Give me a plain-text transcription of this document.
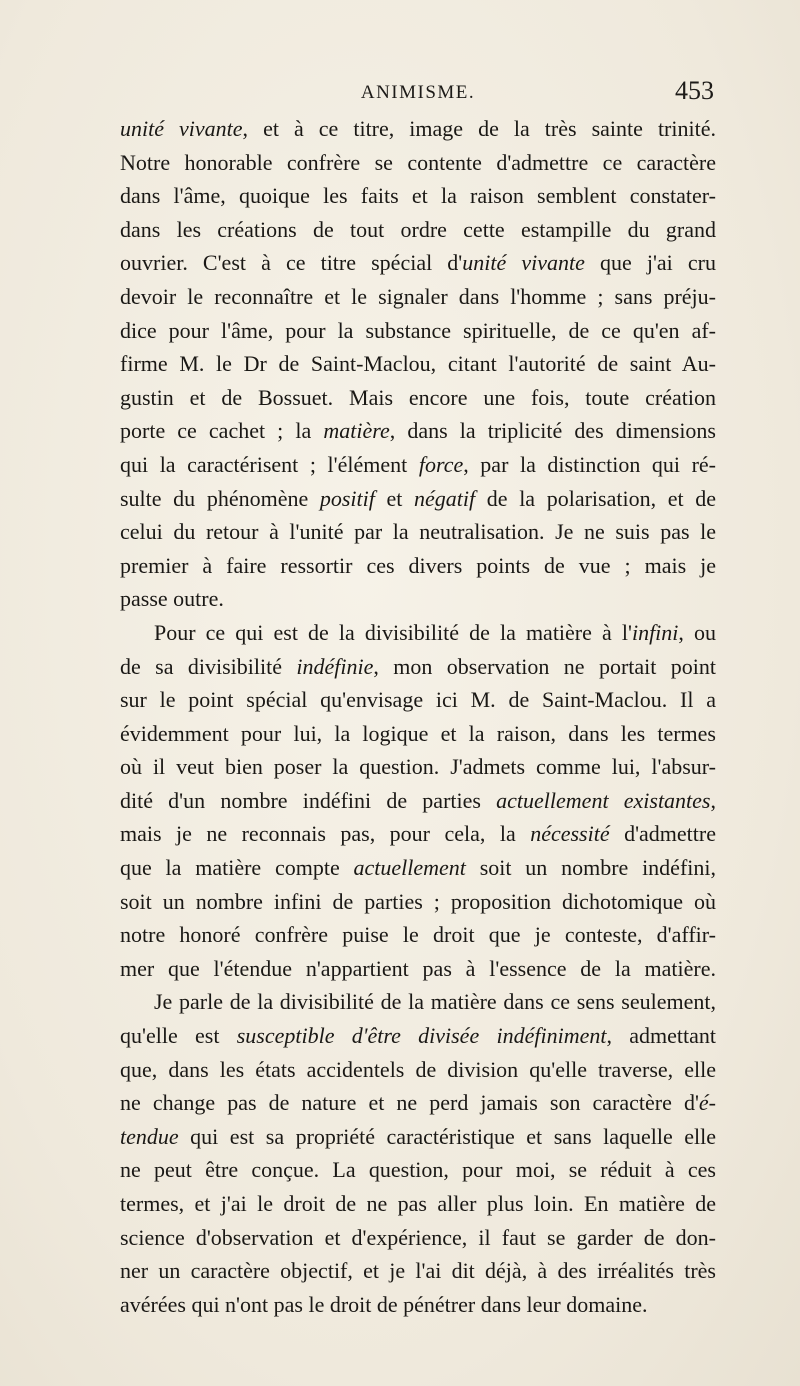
ANIMISME.	453
unité vivante, et à ce titre, image de la très sainte trinité.
Notre honorable confrère se contente d'admettre ce caractère
dans l'âme, quoique les faits et la raison semblent constater-
dans les créations de tout ordre cette estampille du grand
ouvrier. C'est à ce titre spécial d'unité vivante que j'ai cru
devoir le reconnaître et le signaler dans l'homme ; sans préju-
dice pour l'âme, pour la substance spirituelle, de ce qu'en af-
firme M. le Dr de Saint-Maclou, citant l'autorité de saint Au-
gustin et de Bossuet. Mais encore une fois, toute création
porte ce cachet ; la matière, dans la triplicité des dimensions
qui la caractérisent ; l'élément force, par la distinction qui ré-
sulte du phénomène positif et négatif de la polarisation, et de
celui du retour à l'unité par la neutralisation. Je ne suis pas le
premier à faire ressortir ces divers points de vue ; mais je
passe outre.
Pour ce qui est de la divisibilité de la matière à l'infini, ou
de sa divisibilité indéfinie, mon observation ne portait point
sur le point spécial qu'envisage ici M. de Saint-Maclou. Il a
évidemment pour lui, la logique et la raison, dans les termes
où il veut bien poser la question. J'admets comme lui, l'absur-
dité d'un nombre indéfini de parties actuellement existantes,
mais je ne reconnais pas, pour cela, la nécessité d'admettre
que la matière compte actuellement soit un nombre indéfini,
soit un nombre infini de parties ; proposition dichotomique où
notre honoré confrère puise le droit que je conteste, d'affir-
mer que l'étendue n'appartient pas à l'essence de la matière.
Je parle de la divisibilité de la matière dans ce sens seulement,
qu'elle est susceptible d'être divisée indéfiniment, admettant
que, dans les états accidentels de division qu'elle traverse, elle
ne change pas de nature et ne perd jamais son caractère d'é-
tendue qui est sa propriété caractéristique et sans laquelle elle
ne peut être conçue. La question, pour moi, se réduit à ces
termes, et j'ai le droit de ne pas aller plus loin. En matière de
science d'observation et d'expérience, il faut se garder de don-
ner un caractère objectif, et je l'ai dit déjà, à des irréalités très
avérées qui n'ont pas le droit de pénétrer dans leur domaine.
